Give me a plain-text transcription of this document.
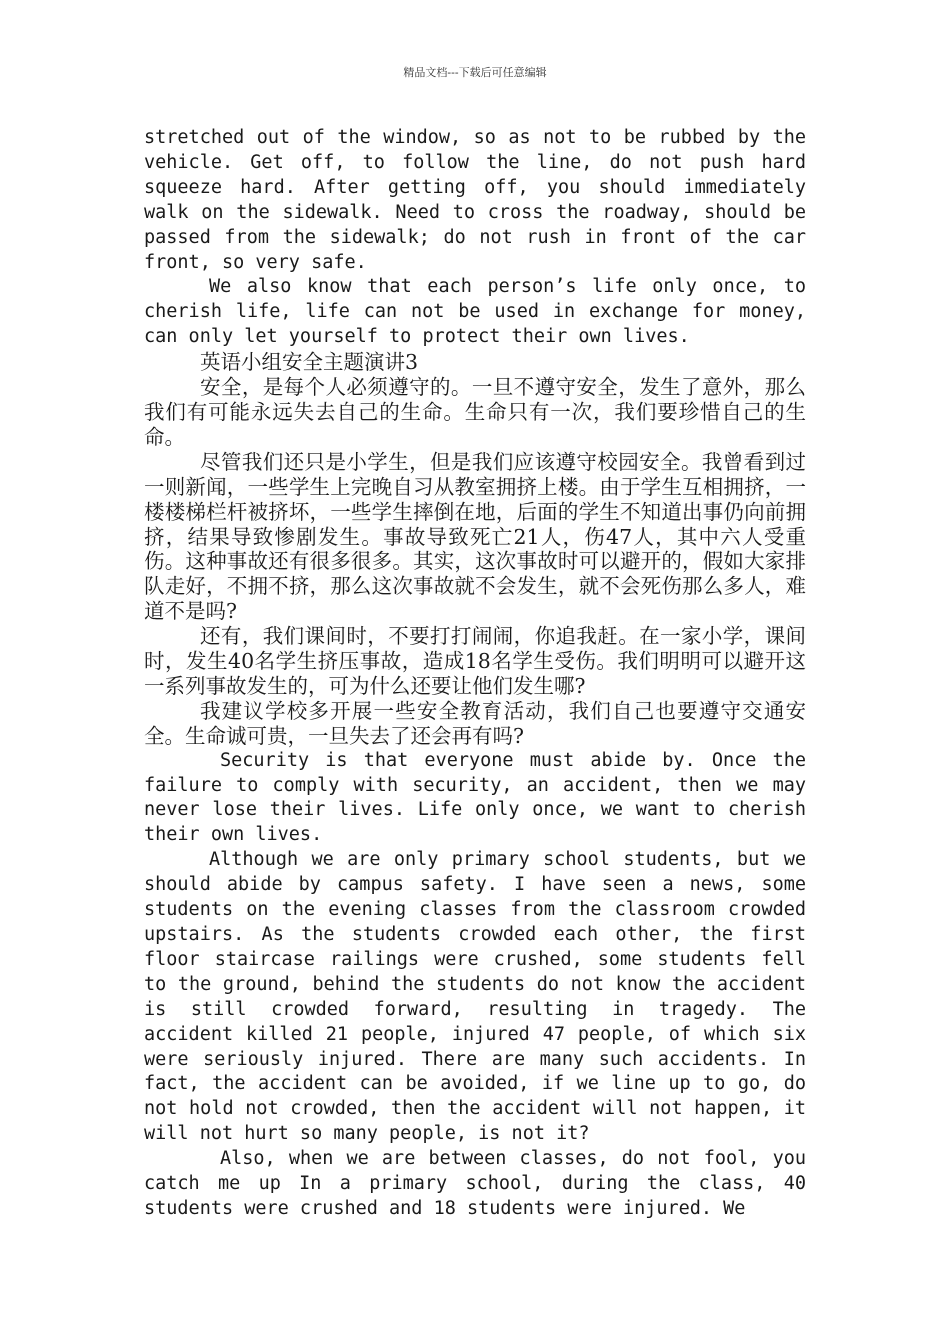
精品文档---下载后可任意编辑

stretched out of the window, so as not to be rubbed by the vehicle. Get off, to follow the line, do not push hard squeeze hard. After getting off, you should immediately walk on the sidewalk. Need to cross the roadway, should be passed from the sidewalk; do not rush in front of the car front, so very safe.

We also know that each person’s life only once, to cherish life, life can not be used in exchange for money, can only let yourself to protect their own lives.

英语小组安全主题演讲3

安全，是每个人必须遵守的。一旦不遵守安全，发生了意外，那么我们有可能永远失去自己的生命。生命只有一次，我们要珍惜自己的生命。

尽管我们还只是小学生，但是我们应该遵守校园安全。我曾看到过一则新闻，一些学生上完晚自习从教室拥挤上楼。由于学生互相拥挤，一楼楼梯栏杆被挤坏，一些学生摔倒在地，后面的学生不知道出事仍向前拥挤，结果导致惨剧发生。事故导致死亡21人，伤47人，其中六人受重伤。这种事故还有很多很多。其实，这次事故时可以避开的，假如大家排队走好，不拥不挤，那么这次事故就不会发生，就不会死伤那么多人，难道不是吗?

还有，我们课间时，不要打打闹闹，你追我赶。在一家小学，课间时，发生40名学生挤压事故，造成18名学生受伤。我们明明可以避开这一系列事故发生的，可为什么还要让他们发生哪?

我建议学校多开展一些安全教育活动，我们自己也要遵守交通安全。生命诚可贵，一旦失去了还会再有吗?

Security is that everyone must abide by. Once the failure to comply with security, an accident, then we may never lose their lives. Life only once, we want to cherish their own lives.

Although we are only primary school students, but we should abide by campus safety. I have seen a news, some students on the evening classes from the classroom crowded upstairs. As the students crowded each other, the first floor staircase railings were crushed, some students fell to the ground, behind the students do not know the accident is still crowded forward, resulting in tragedy. The accident killed 21 people, injured 47 people, of which six were seriously injured. There are many such accidents. In fact, the accident can be avoided, if we line up to go, do not hold not crowded, then the accident will not happen, it will not hurt so many people, is not it?

Also, when we are between classes, do not fool, you catch me up In a primary school, during the class, 40 students were crushed and 18 students were injured. We
